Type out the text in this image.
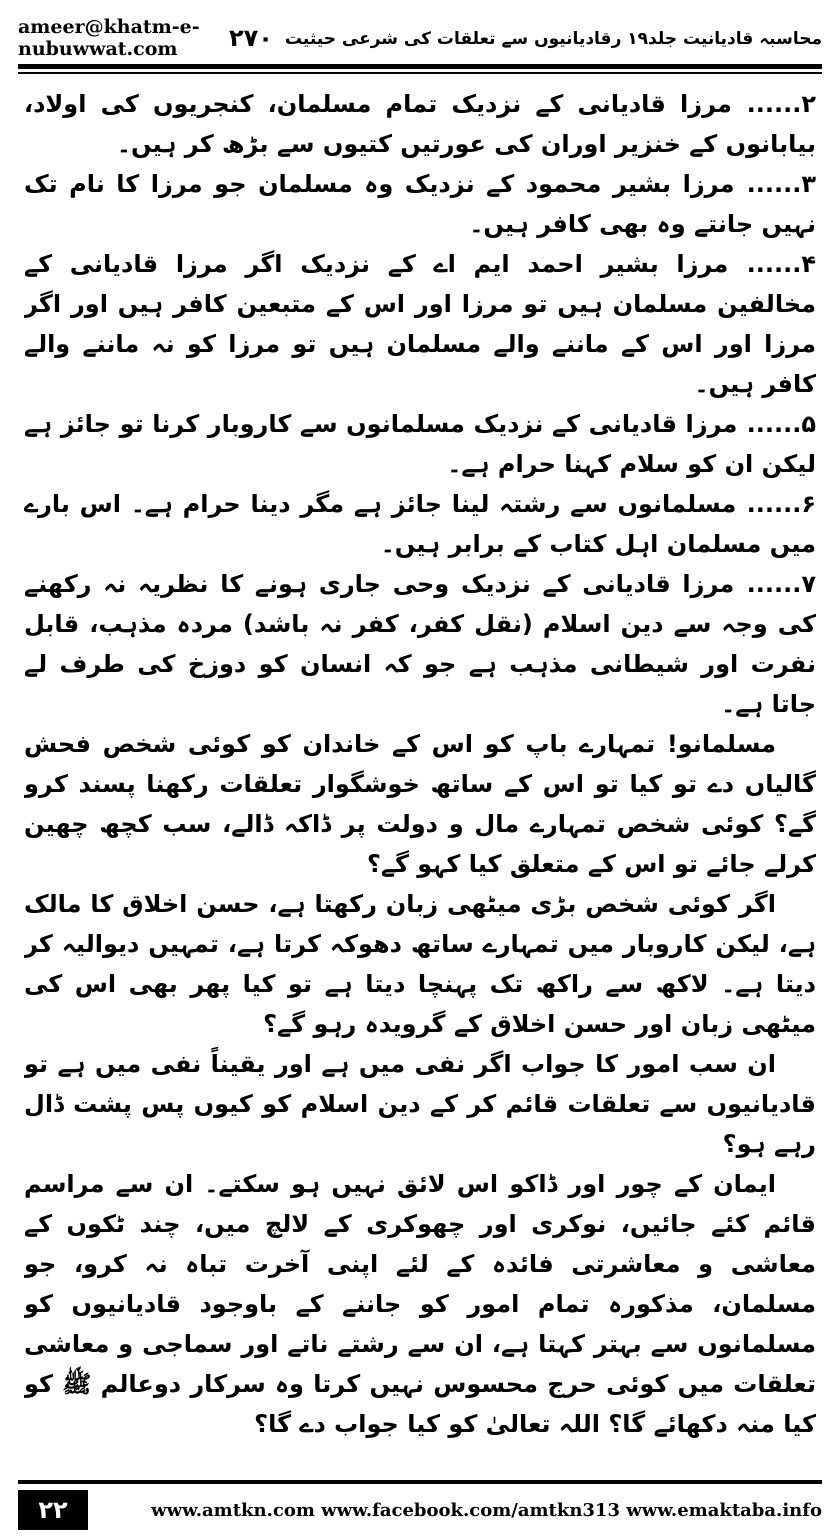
ameer@khatm-e-nubuwwat.com	محاسبہ قادیانیت جلد۱۹ رقادیانیوں سے تعلقات کی شرعی حیثیت
۲۷۰

۲...... مرزا قادیانی کے نزدیک تمام مسلمان، کنجریوں کی اولاد، بیابانوں کے خنزیر اوران کی عورتیں کتیوں سے بڑھ کر ہیں۔

۳...... مرزا بشیر محمود کے نزدیک وہ مسلمان جو مرزا کا نام تک نہیں جانتے وہ بھی کافر ہیں۔

۴...... مرزا بشیر احمد ایم اے کے نزدیک اگر مرزا قادیانی کے مخالفین مسلمان ہیں تو مرزا اور اس کے متبعین کافر ہیں اور اگر مرزا اور اس کے ماننے والے مسلمان ہیں تو مرزا کو نہ ماننے والے کافر ہیں۔

۵...... مرزا قادیانی کے نزدیک مسلمانوں سے کاروبار کرنا تو جائز ہے لیکن ان کو سلام کہنا حرام ہے۔

۶...... مسلمانوں سے رشتہ لینا جائز ہے مگر دینا حرام ہے۔ اس بارے میں مسلمان اہل کتاب کے برابر ہیں۔

۷...... مرزا قادیانی کے نزدیک وحی جاری ہونے کا نظریہ نہ رکھنے کی وجہ سے دین اسلام (نقل کفر، کفر نہ باشد) مردہ مذہب، قابل نفرت اور شیطانی مذہب ہے جو کہ انسان کو دوزخ کی طرف لے جاتا ہے۔

مسلمانو! تمہارے باپ کو اس کے خاندان کو کوئی شخص فحش گالیاں دے تو کیا تو اس کے ساتھ خوشگوار تعلقات رکھنا پسند کرو گے؟ کوئی شخص تمہارے مال و دولت پر ڈاکہ ڈالے، سب کچھ چھین کرلے جائے تو اس کے متعلق کیا کہو گے؟

اگر کوئی شخص بڑی میٹھی زبان رکھتا ہے، حسن اخلاق کا مالک ہے، لیکن کاروبار میں تمہارے ساتھ دھوکہ کرتا ہے، تمہیں دیوالیہ کر دیتا ہے۔ لاکھ سے راکھ تک پہنچا دیتا ہے تو کیا پھر بھی اس کی میٹھی زبان اور حسن اخلاق کے گرویدہ رہو گے؟

ان سب امور کا جواب اگر نفی میں ہے اور یقیناً نفی میں ہے تو قادیانیوں سے تعلقات قائم کر کے دین اسلام کو کیوں پس پشت ڈال رہے ہو؟

ایمان کے چور اور ڈاکو اس لائق نہیں ہو سکتے۔ ان سے مراسم قائم کئے جائیں، نوکری اور چھوکری کے لالچ میں، چند ٹکوں کے معاشی و معاشرتی فائدہ کے لئے اپنی آخرت تباہ نہ کرو، جو مسلمان، مذکورہ تمام امور کو جاننے کے باوجود قادیانیوں کو مسلمانوں سے بہتر کہتا ہے، ان سے رشتے ناتے اور سماجی و معاشی تعلقات میں کوئی حرج محسوس نہیں کرتا وہ سرکار دوعالم ﷺ کو کیا منہ دکھائے گا؟ اللہ تعالیٰ کو کیا جواب دے گا؟

۲۲	www.amtkn.com www.facebook.com/amtkn313 www.emaktaba.info
